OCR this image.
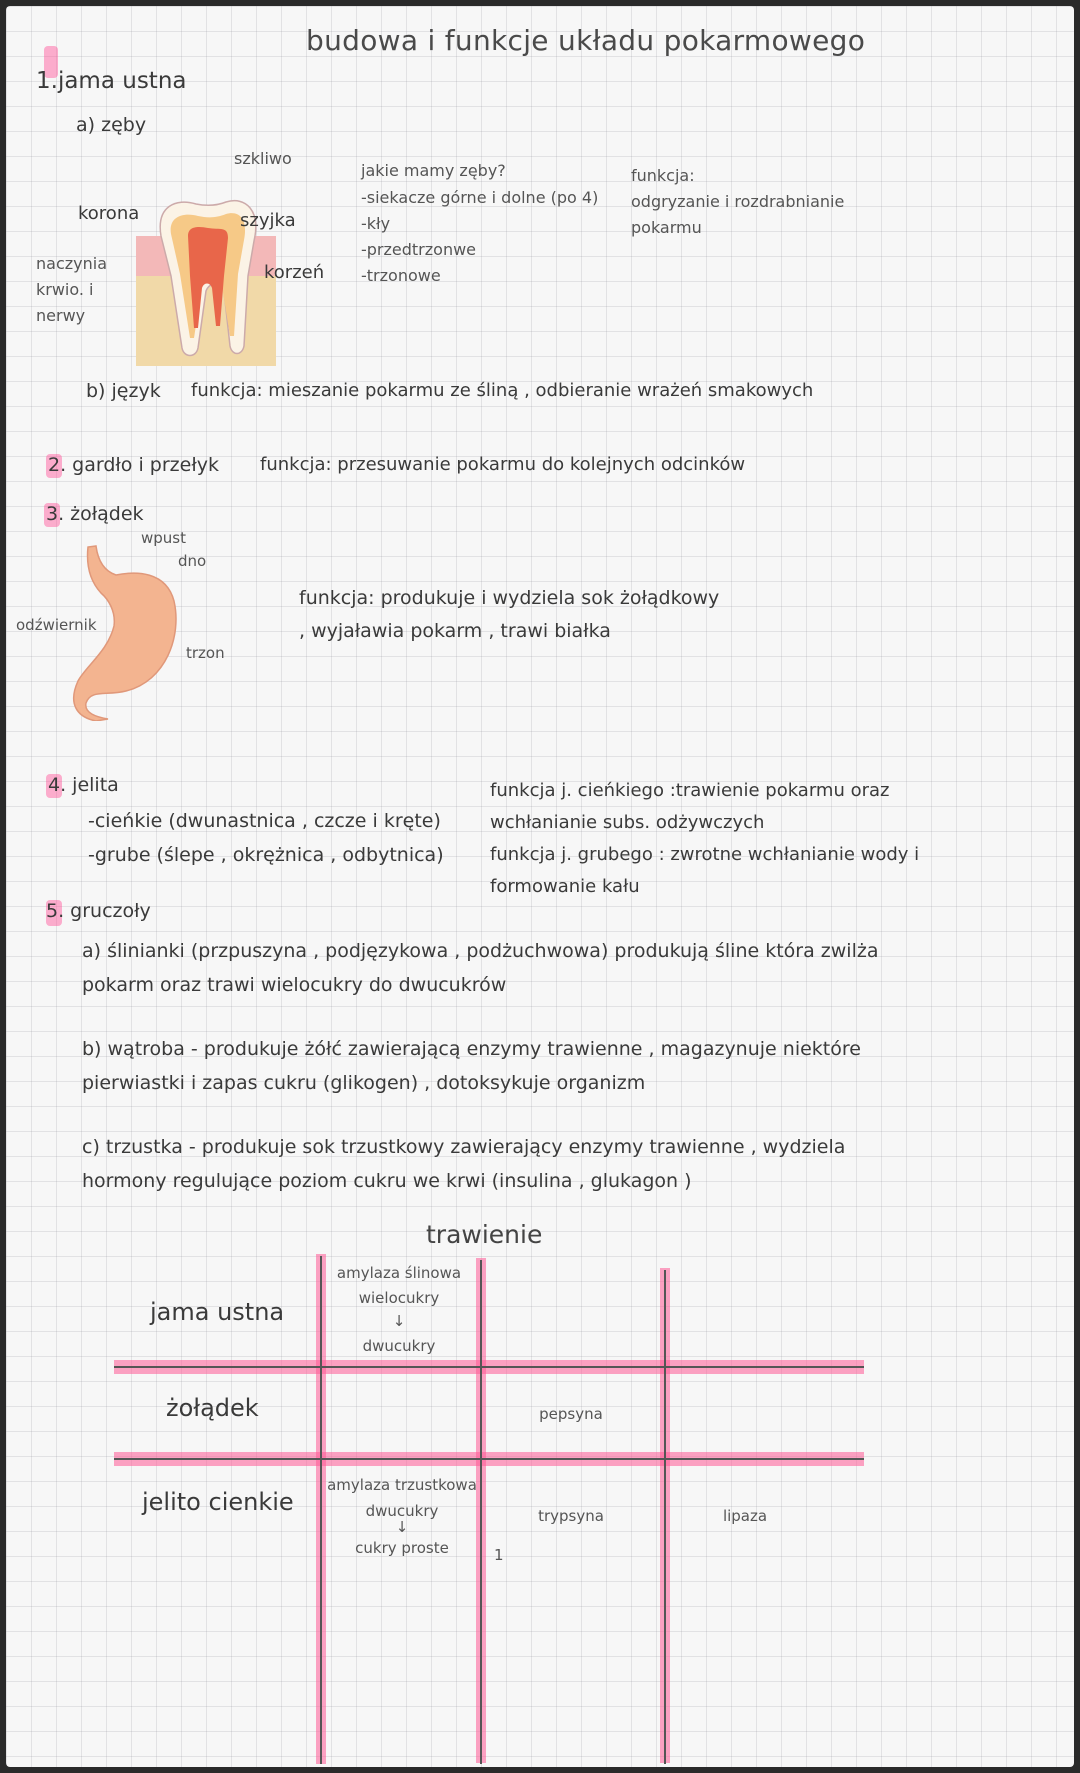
budowa i funkcje układu pokarmowego
1.jama ustna
a) zęby
szkliwo
korona	szyjka
korzeń
naczynia
krwio. i
nerwy
jakie mamy zęby?
-siekacze górne i dolne (po 4)
-kły
-przedtrzonwe
-trzonowe
funkcja:
odgryzanie i rozdrabnianie
pokarmu
b) język funkcja: mieszanie pokarmu ze śliną , odbieranie wrażeń smakowych
2. gardło i przełyk funkcja: przesuwanie pokarmu do kolejnych odcinków
3. żołądek
wpust
dno
odźwiernik
trzon
funkcja: produkuje i wydziela sok żołądkowy
, wyjaławia pokarm , trawi białka
4. jelita
-cieńkie (dwunastnica , czcze i kręte)
-grube (ślepe , okrężnica , odbytnica)
funkcja j. cieńkiego :trawienie pokarmu oraz
wchłanianie subs. odżywczych
funkcja j. grubego : zwrotne wchłanianie wody i
formowanie kału
5. gruczoły
a) ślinianki (przpuszyna , podjęzykowa , podżuchwowa) produkują śline która zwilża
pokarm oraz trawi wielocukry do dwucukrów
b) wątroba - produkuje żółć zawierającą enzymy trawienne , magazynuje niektóre
pierwiastki i zapas cukru (glikogen) , dotoksykuje organizm
c) trzustka - produkuje sok trzustkowy zawierający enzymy trawienne , wydziela
hormony regulujące poziom cukru we krwi (insulina , glukagon )
trawienie
jama ustna
żołądek
jelito cienkie
amylaza ślinowa
wielocukry
↓
dwucukry
pepsyna
amylaza trzustkowa
dwucukry
↓
cukry proste
trypsyna	lipaza
1
